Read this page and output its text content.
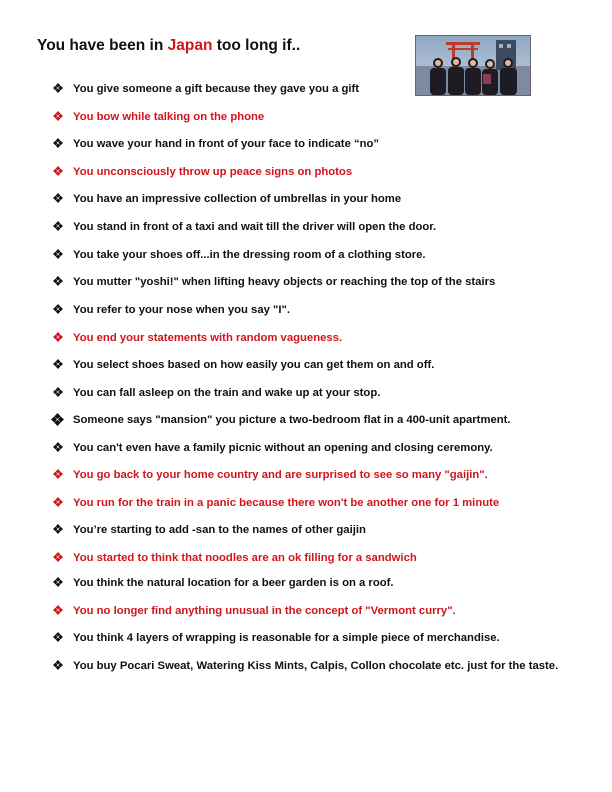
You have been in Japan too long if..
You give someone a gift because they gave you a gift
You bow while talking on the phone
You wave your hand in front of your face to indicate “no”
You unconsciously throw up peace signs on photos
You have an impressive collection of umbrellas in your home
You stand in front of a taxi and wait till the driver will open the door.
You take your shoes off...in the dressing room of a clothing store.
You mutter "yoshi!" when lifting heavy objects or reaching the top of the stairs
You refer to your nose when you say "I".
You end your statements with random vagueness.
You select shoes based on how easily you can get them on and off.
You can fall asleep on the train and wake up at your stop.
Someone says "mansion" you picture a two-bedroom flat in a 400-unit apartment.
You can't even have a family picnic without an opening and closing ceremony.
You go back to your home country and are surprised to see so many "gaijin".
You run for the train in a panic because there won't be another one for 1 minute
You’re starting to add -san to the names of other gaijin
You started to think that noodles are an ok filling for a sandwich
You think the natural location for a beer garden is on a roof.
You no longer find anything unusual in the concept of "Vermont curry".
You think 4 layers of wrapping is reasonable for a simple piece of merchandise.
You buy Pocari Sweat, Watering Kiss Mints, Calpis, Collon chocolate etc. just for the taste.
